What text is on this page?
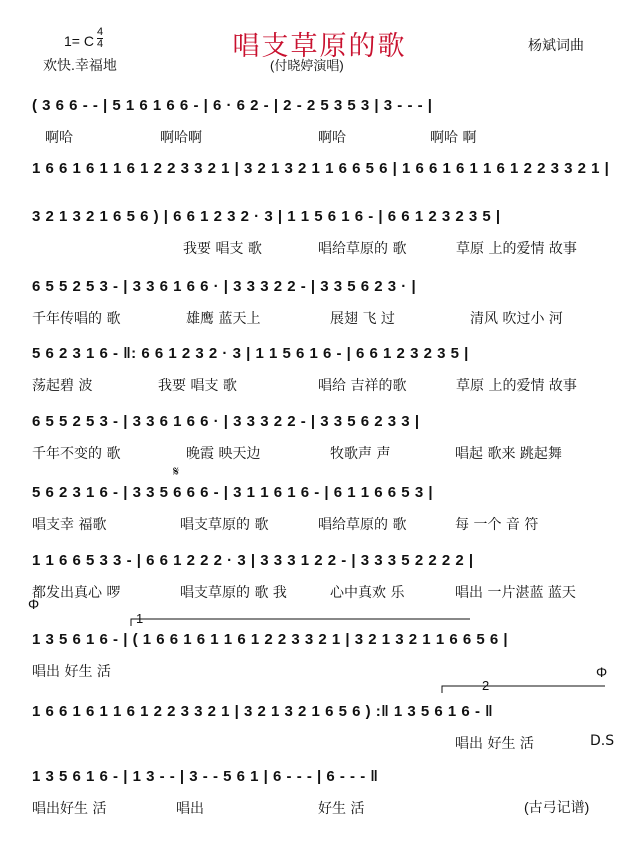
1= C
4
4	唱支草原的歌
欢快.幸福地	(付晓婷演唱)
杨斌词曲
1
2
𝄋
Φ
Φ
( 3 6 6 - - | 5 1 6 1 6 6 - | 6 · 6 2 - | 2 - 2 5 3 5 3 | 3 - - - |
啊哈	啊哈啊	啊哈	啊哈 啊
1 6 6 1 6 1 1 6 1 2 2 3 3 2 1 | 3 2 1 3 2 1 1 6 6 5 6 | 1 6 6 1 6 1 1 6 1 2 2 3 3 2 1 |
3 2 1 3 2 1 6 5 6 ) | 6 6 1 2 3 2 · 3 | 1 1 5 6 1 6 - | 6 6 1 2 3 2 3 5 |
我要 唱支 歌	唱给草原的 歌	草原 上的爱情 故事
6 5 5 2 5 3 - | 3 3 6 1 6 6 · | 3 3 3 2 2 - | 3 3 5 6 2 3 · |
千年传唱的 歌	雄鹰 蓝天上	展翅 飞 过	清风 吹过小 河
5 6 2 3 1 6 - ‖: 6 6 1 2 3 2 · 3 | 1 1 5 6 1 6 - | 6 6 1 2 3 2 3 5 |
荡起碧 波	我要 唱支 歌	唱给 吉祥的歌	草原 上的爱情 故事
6 5 5 2 5 3 - | 3 3 6 1 6 6 · | 3 3 3 2 2 - | 3 3 5 6 2 3 3 |
千年不变的 歌	晚霞 映天边	牧歌声 声	唱起 歌来 跳起舞
5 6 2 3 1 6 - | 3 3 5 6 6 6 - | 3 1 1 6 1 6 - | 6 1 1 6 6 5 3 |
唱支幸 福歌	唱支草原的 歌	唱给草原的 歌	每 一个 音 符
1 1 6 6 5 3 3 - | 6 6 1 2 2 2 · 3 | 3 3 3 1 2 2 - | 3 3 3 5 2 2 2 2 |
都发出真心 啰	唱支草原的 歌 我	心中真欢 乐	唱出 一片湛蓝 蓝天
1 3 5 6 1 6 - | ( 1 6 6 1 6 1 1 6 1 2 2 3 3 2 1 | 3 2 1 3 2 1 1 6 6 5 6 |
唱出 好生 活
1 6 6 1 6 1 1 6 1 2 2 3 3 2 1 | 3 2 1 3 2 1 6 5 6 ) :‖ 1 3 5 6 1 6 - ‖
唱出 好生 活	D.S
1 3 5 6 1 6 - | 1 3 - - | 3 - - 5 6 1 | 6 - - - | 6 - - - ‖
唱出好生 活	唱出	好生 活	(古弓记谱)
